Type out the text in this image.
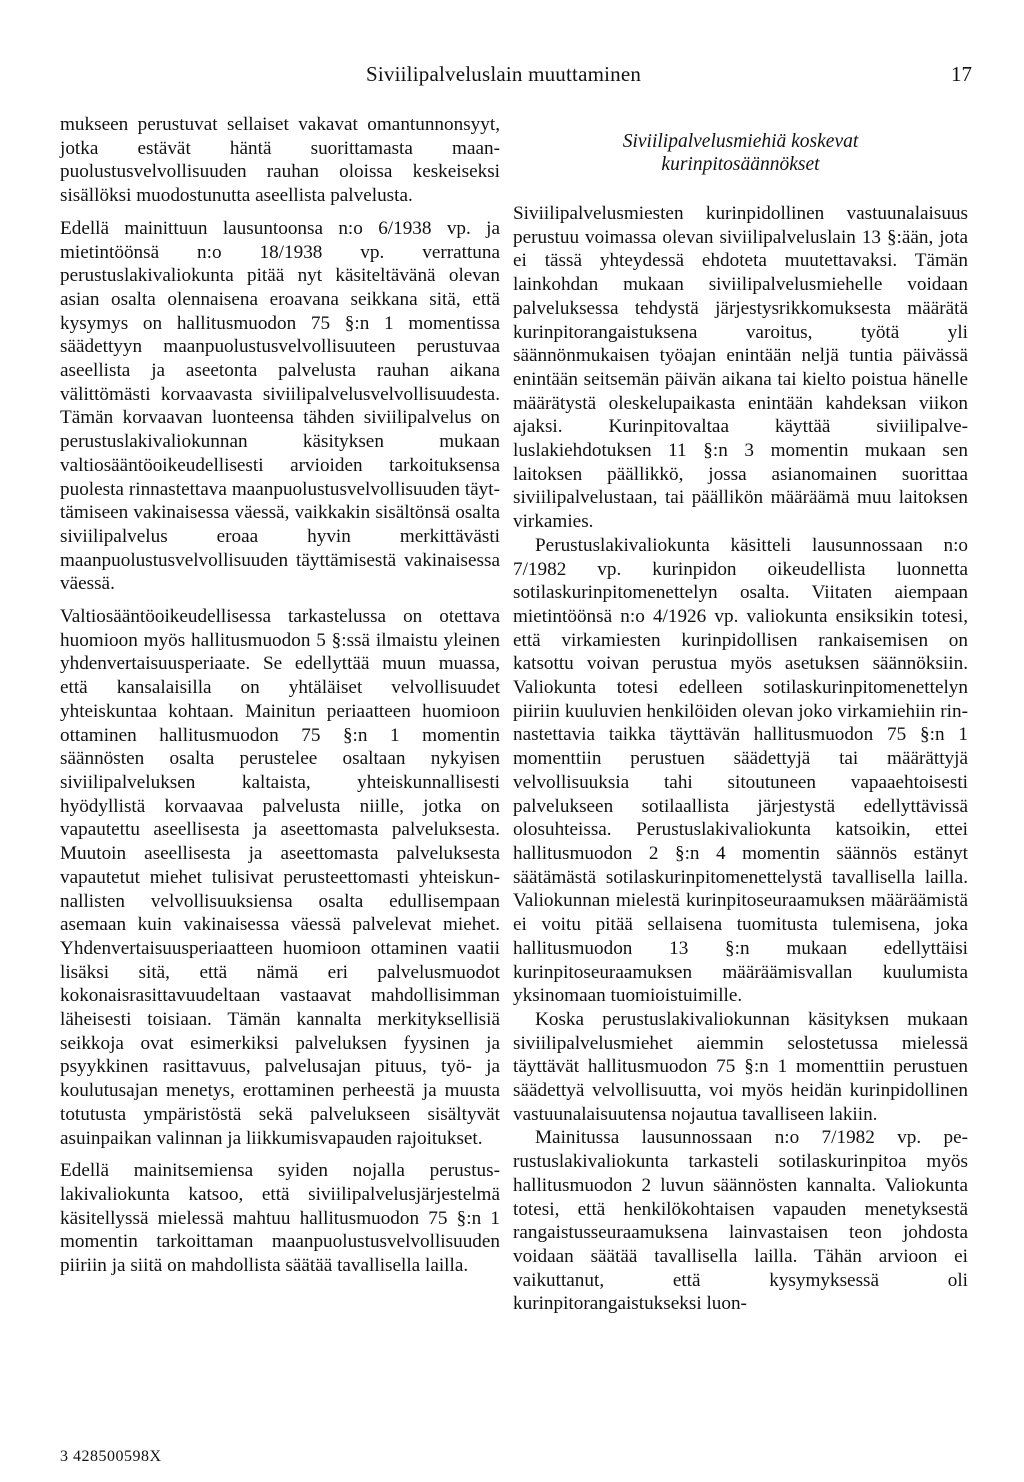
Siviilipalveluslain muuttaminen	17

mukseen perustuvat sellaiset vakavat omantunnonsyyt, jotka estävät häntä suorittamasta maanpuolustusvelvollisuuden rauhan oloissa keskeiseksi sisällöksi muodostunutta aseellista palvelusta.

Edellä mainittuun lausuntoonsa n:o 6/1938 vp. ja mietintöönsä n:o 18/1938 vp. verrattuna perustuslakivaliokunta pitää nyt käsiteltävänä olevan asian osalta olennaisena eroavana seikkana sitä, että kysymys on hallitusmuodon 75 §:n 1 momentissa säädettyyn maanpuolustusvelvollisuuteen perustuvaa aseellista ja aseetonta palvelusta rauhan aikana välittömästi korvaavasta siviilipalvelusvelvollisuudesta. Tämän korvaavan luonteensa tähden siviilipalvelus on perustuslakivaliokunnan käsityksen mukaan valtiosääntöoikeudellisesti arvioiden tarkoituksensa puolesta rinnastettava maanpuolustusvelvollisuuden täyttämiseen vakinaisessa väessä, vaikkakin sisältönsä osalta siviilipalvelus eroaa hyvin merkittävästi maanpuolustusvelvollisuuden täyttämisestä vakinaisessa väessä.

Valtiosääntöoikeudellisessa tarkastelussa on otettava huomioon myös hallitusmuodon 5 §:ssä ilmaistu yleinen yhdenvertaisuusperiaate. Se edellyttää muun muassa, että kansalaisilla on yhtäläiset velvollisuudet yhteiskuntaa kohtaan. Mainitun periaatteen huomioon ottaminen hallitusmuodon 75 §:n 1 momentin säännösten osalta perustelee osaltaan nykyisen siviilipalveluksen kaltaista, yhteiskunnallisesti hyödyllistä korvaavaa palvelusta niille, jotka on vapautettu aseellisesta ja aseettomasta palveluksesta. Muutoin aseellisesta ja aseettomasta palveluksesta vapautetut miehet tulisivat perusteettomasti yhteiskunnallisten velvollisuuksiensa osalta edullisempaan asemaan kuin vakinaisessa väessä palvelevat miehet. Yhdenvertaisuusperiaatteen huomioon ottaminen vaatii lisäksi sitä, että nämä eri palvelusmuodot kokonaisrasittavuudeltaan vastaavat mahdollisimman läheisesti toisiaan. Tämän kannalta merkityksellisiä seikkoja ovat esimerkiksi palveluksen fyysinen ja psyykkinen rasittavuus, palvelusajan pituus, työ- ja koulutusajan menetys, erottaminen perheestä ja muusta totutusta ympäristöstä sekä palvelukseen sisältyvät asuinpaikan valinnan ja liikkumisvapauden rajoitukset.

Edellä mainitsemiensa syiden nojalla perustuslakivaliokunta katsoo, että siviilipalvelusjärjestelmä käsitellyssä mielessä mahtuu hallitusmuodon 75 §:n 1 momentin tarkoittaman maanpuolustusvelvollisuuden piiriin ja siitä on mahdollista säätää tavallisella lailla.

Siviilipalvelusmiehiä koskevat
kurinpitosäännökset

Siviilipalvelusmiesten kurinpidollinen vastuunalaisuus perustuu voimassa olevan siviilipalveluslain 13 §:ään, jota ei tässä yhteydessä ehdoteta muutettavaksi. Tämän lainkohdan mukaan siviilipalvelusmiehelle voidaan palveluksessa tehdystä järjestysrikkomuksesta määrätä kurinpitorangaistuksena varoitus, työtä yli säännönmukaisen työajan enintään neljä tuntia päivässä enintään seitsemän päivän aikana tai kielto poistua hänelle määrätystä oleskelupaikasta enintään kahdeksan viikon ajaksi. Kurinpitovaltaa käyttää siviilipalveluslakiehdotuksen 11 §:n 3 momentin mukaan sen laitoksen päällikkö, jossa asianomainen suorittaa siviilipalvelustaan, tai päällikön määräämä muu laitoksen virkamies.

Perustuslakivaliokunta käsitteli lausunnossaan n:o 7/1982 vp. kurinpidon oikeudellista luonnetta sotilaskurinpitomenettelyn osalta. Viitaten aiempaan mietintöönsä n:o 4/1926 vp. valiokunta ensiksikin totesi, että virkamiesten kurinpidollisen rankaisemisen on katsottu voivan perustua myös asetuksen säännöksiin. Valiokunta totesi edelleen sotilaskurinpitomenettelyn piiriin kuuluvien henkilöiden olevan joko virkamiehiin rinnastettavia taikka täyttävän hallitusmuodon 75 §:n 1 momenttiin perustuen säädettyjä tai määrättyjä velvollisuuksia tahi sitoutuneen vapaaehtoisesti palvelukseen sotilaallista järjestystä edellyttävissä olosuhteissa. Perustuslakivaliokunta katsoikin, ettei hallitusmuodon 2 §:n 4 momentin säännös estänyt säätämästä sotilaskurinpitomenettelystä tavallisella lailla. Valiokunnan mielestä kurinpitoseuraamuksen määräämistä ei voitu pitää sellaisena tuomitusta tulemisena, joka hallitusmuodon 13 §:n mukaan edellyttäisi kurinpitoseuraamuksen määräämisvallan kuulumista yksinomaan tuomioistuimille.

Koska perustuslakivaliokunnan käsityksen mukaan siviilipalvelusmiehet aiemmin selostetussa mielessä täyttävät hallitusmuodon 75 §:n 1 momenttiin perustuen säädettyä velvollisuutta, voi myös heidän kurinpidollinen vastuunalaisuutensa nojautua tavalliseen lakiin.

Mainitussa lausunnossaan n:o 7/1982 vp. perustuslakivaliokunta tarkasteli sotilaskurinpitoa myös hallitusmuodon 2 luvun säännösten kannalta. Valiokunta totesi, että henkilökohtaisen vapauden menetyksestä rangaistusseuraamuksena lainvastaisen teon johdosta voidaan säätää tavallisella lailla. Tähän arvioon ei vaikuttanut, että kysymyksessä oli kurinpitorangaistukseksi luon-

3 428500598X
